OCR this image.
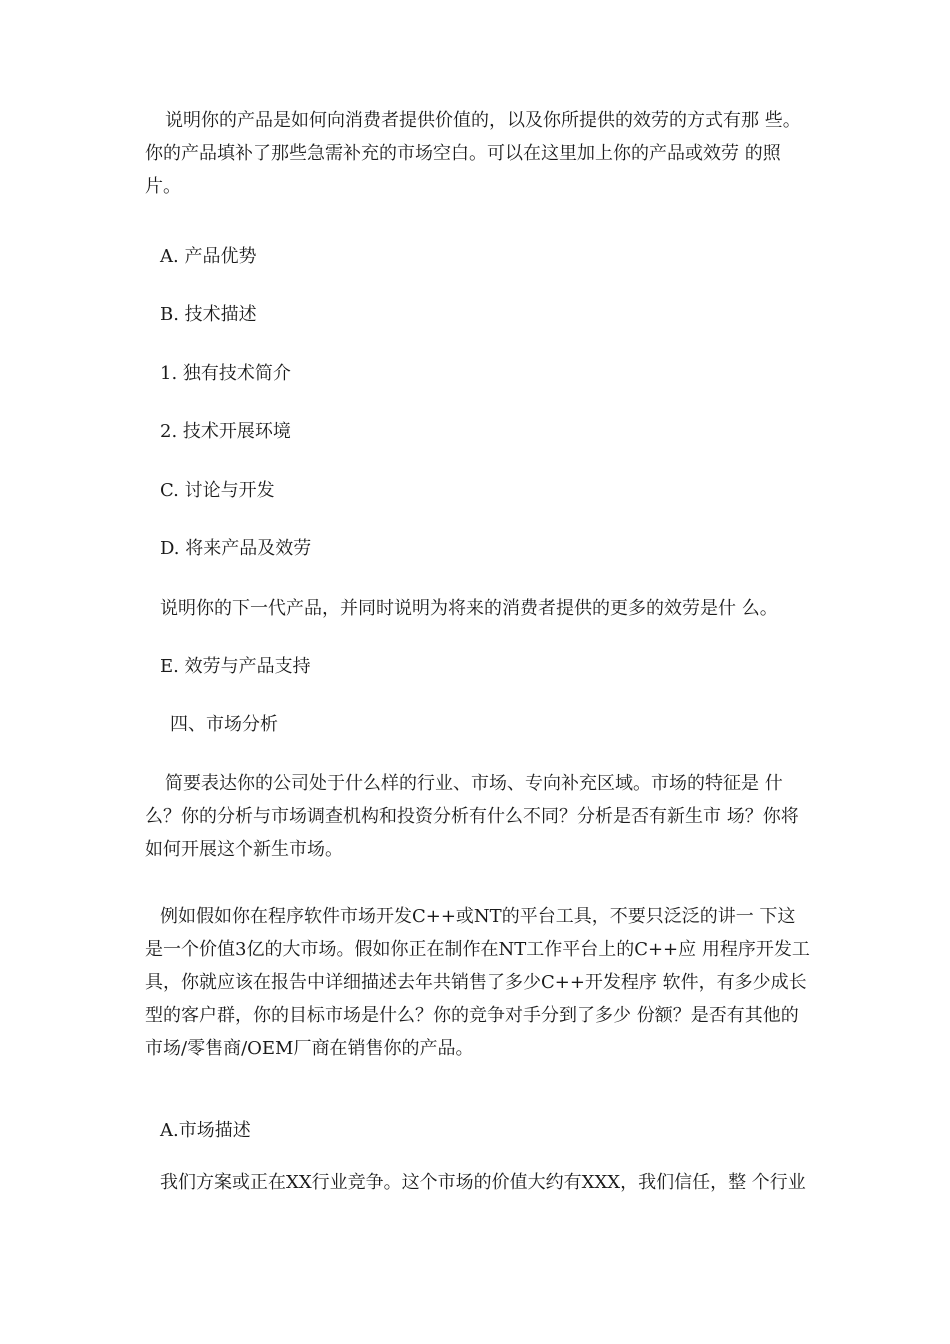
说明你的产品是如何向消费者提供价值的，以及你所提供的效劳的方式有那 些。你的产品填补了那些急需补充的市场空白。可以在这里加上你的产品或效劳 的照片。

A. 产品优势

B. 技术描述

1. 独有技术简介

2. 技术开展环境

C. 讨论与开发

D. 将来产品及效劳

说明你的下一代产品，并同时说明为将来的消费者提供的更多的效劳是什 么。

E. 效劳与产品支持

四、市场分析

简要表达你的公司处于什么样的行业、市场、专向补充区域。市场的特征是 什么？你的分析与市场调查机构和投资分析有什么不同？分析是否有新生市 场？你将如何开展这个新生市场。

例如假如你在程序软件市场开发C++或NT的平台工具，不要只泛泛的讲一 下这是一个价值3亿的大市场。假如你正在制作在NT工作平台上的C++应 用程序开发工具，你就应该在报告中详细描述去年共销售了多少C++开发程序 软件，有多少成长型的客户群，你的目标市场是什么？你的竞争对手分到了多少 份额？是否有其他的市场/零售商/OEM厂商在销售你的产品。

A.市场描述

我们方案或正在XX行业竞争。这个市场的价值大约有XXX，我们信任，整 个行业
